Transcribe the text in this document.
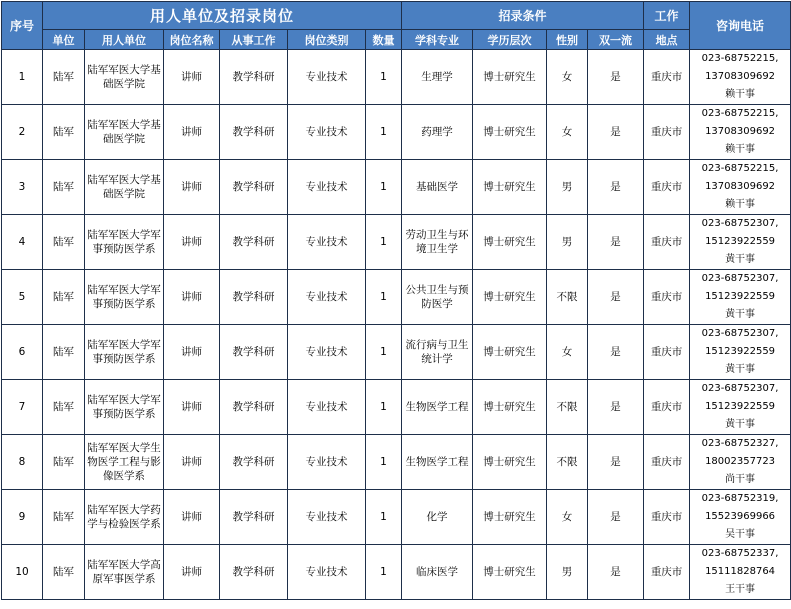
序号	用人单位及招录岗位						招录条件				工作	咨询电话
	单位	用人单位	岗位名称	从事工作	岗位类别	数量	学科专业	学历层次	性别	双一流	地点	
1	陆军	陆军军医大学基础医学院	讲师	教学科研	专业技术	1	生理学	博士研究生	女	是	重庆市	023-68752215,
13708309692
赖干事

2	陆军	陆军军医大学基础医学院	讲师	教学科研	专业技术	1	药理学	博士研究生	女	是	重庆市	023-68752215,
13708309692
赖干事

3	陆军	陆军军医大学基础医学院	讲师	教学科研	专业技术	1	基础医学	博士研究生	男	是	重庆市	023-68752215,
13708309692
赖干事

4	陆军	陆军军医大学军事预防医学系	讲师	教学科研	专业技术	1	劳动卫生与环境卫生学	博士研究生	男	是	重庆市	023-68752307,
15123922559
黄干事

5	陆军	陆军军医大学军事预防医学系	讲师	教学科研	专业技术	1	公共卫生与预防医学	博士研究生	不限	是	重庆市	023-68752307,
15123922559
黄干事

6	陆军	陆军军医大学军事预防医学系	讲师	教学科研	专业技术	1	流行病与卫生统计学	博士研究生	女	是	重庆市	023-68752307,
15123922559
黄干事

7	陆军	陆军军医大学军事预防医学系	讲师	教学科研	专业技术	1	生物医学工程	博士研究生	不限	是	重庆市	023-68752307,
15123922559
黄干事

8	陆军	陆军军医大学生物医学工程与影像医学系	讲师	教学科研	专业技术	1	生物医学工程	博士研究生	不限	是	重庆市	023-68752327,
18002357723
尚干事

9	陆军	陆军军医大学药学与检验医学系	讲师	教学科研	专业技术	1	化学	博士研究生	女	是	重庆市	023-68752319,
15523969966
吴干事

10	陆军	陆军军医大学高原军事医学系	讲师	教学科研	专业技术	1	临床医学	博士研究生	男	是	重庆市	023-68752337,
15111828764
王干事
